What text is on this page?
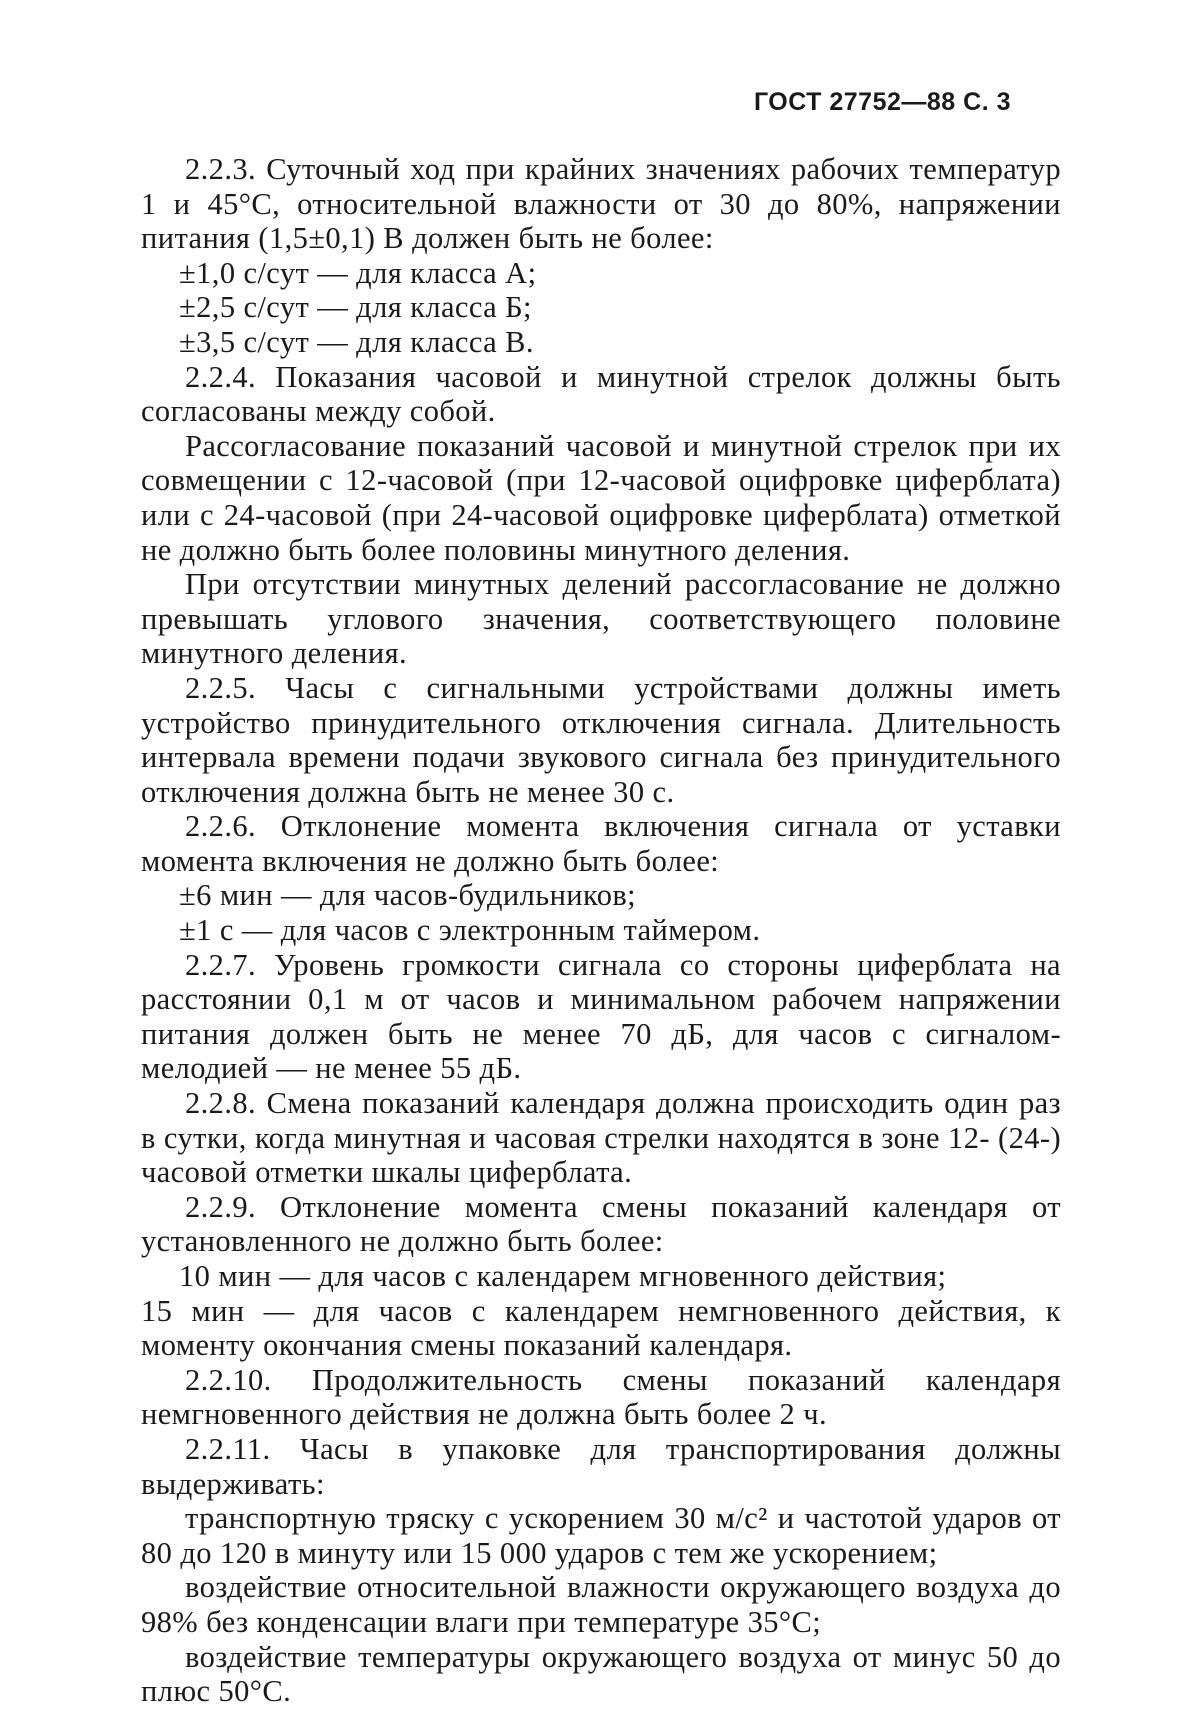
ГОСТ 27752—88 С. 3

2.2.3. Суточный ход при крайних значениях рабочих температур 1 и 45°С, относительной влажности от 30 до 80%, напряжении питания (1,5±0,1) В должен быть не более:

±1,0 с/сут — для класса А;

±2,5 с/сут — для класса Б;

±3,5 с/сут — для класса В.

2.2.4. Показания часовой и минутной стрелок должны быть согласованы между собой.

Рассогласование показаний часовой и минутной стрелок при их совмещении с 12-часовой (при 12-часовой оцифровке циферблата) или с 24-часовой (при 24-часовой оцифровке циферблата) отметкой не должно быть более половины минутного деления.

При отсутствии минутных делений рассогласование не должно превышать углового значения, соответствующего половине минутного деления.

2.2.5. Часы с сигнальными устройствами должны иметь устройство принудительного отключения сигнала. Длительность интервала времени подачи звукового сигнала без принудительного отключения должна быть не менее 30 с.

2.2.6. Отклонение момента включения сигнала от уставки момента включения не должно быть более:

±6 мин — для часов-будильников;

±1 с — для часов с электронным таймером.

2.2.7. Уровень громкости сигнала со стороны циферблата на расстоянии 0,1 м от часов и минимальном рабочем напряжении питания должен быть не менее 70 дБ, для часов с сигналом-мелодией — не менее 55 дБ.

2.2.8. Смена показаний календаря должна происходить один раз в сутки, когда минутная и часовая стрелки находятся в зоне 12- (24-) часовой отметки шкалы циферблата.

2.2.9. Отклонение момента смены показаний календаря от установленного не должно быть более:

10 мин — для часов с календарем мгновенного действия;

15 мин — для часов с календарем немгновенного действия, к моменту окончания смены показаний календаря.

2.2.10. Продолжительность смены показаний календаря немгновенного действия не должна быть более 2 ч.

2.2.11. Часы в упаковке для транспортирования должны выдерживать:

транспортную тряску с ускорением 30 м/с² и частотой ударов от 80 до 120 в минуту или 15 000 ударов с тем же ускорением;

воздействие относительной влажности окружающего воздуха до 98% без конденсации влаги при температуре 35°С;

воздействие температуры окружающего воздуха от минус 50 до плюс 50°С.
